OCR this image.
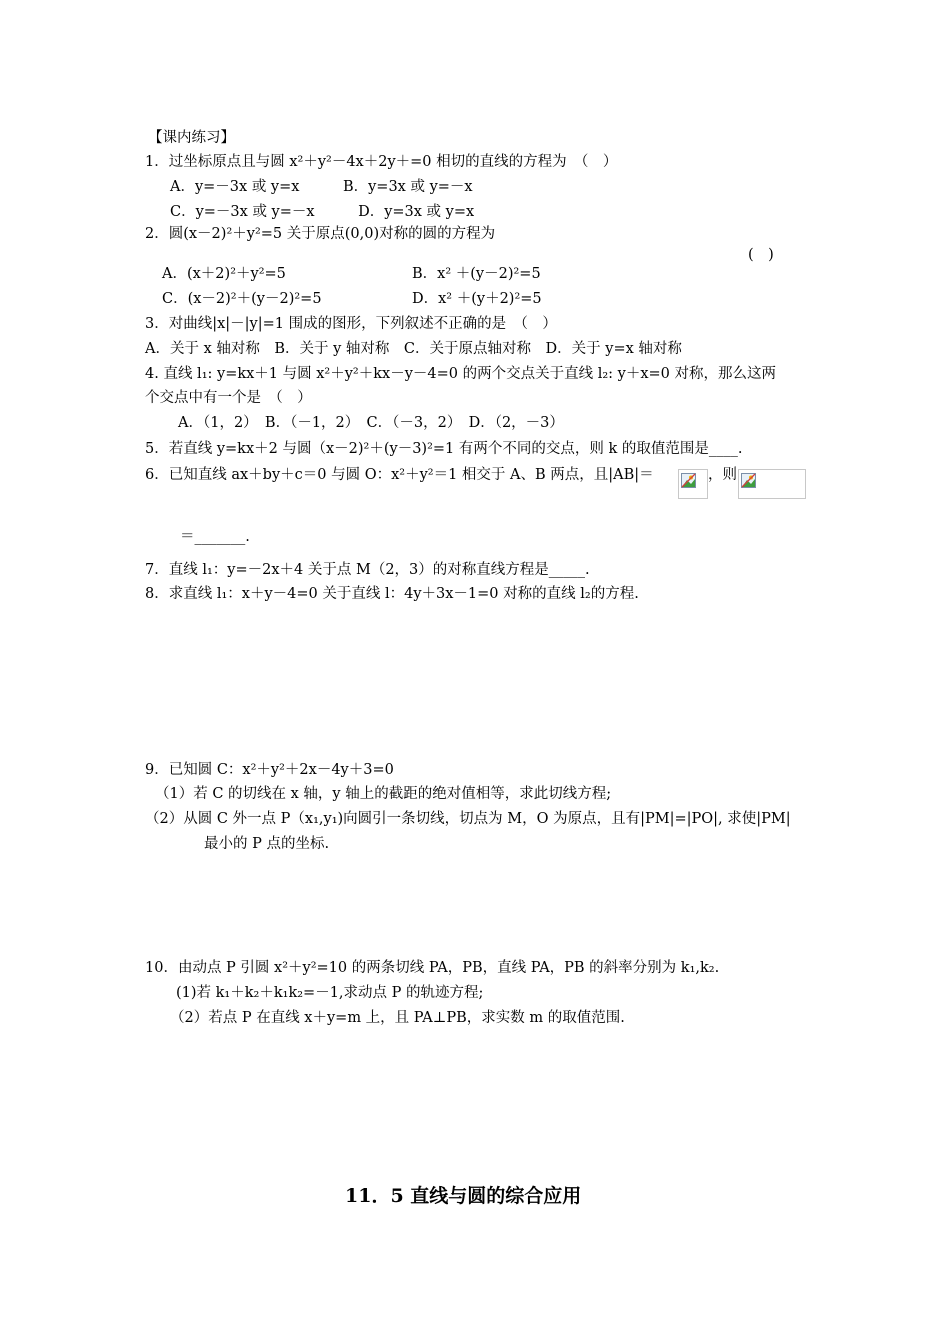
【课内练习】
1．过坐标原点且与圆 x²＋y²－4x＋2y＋=0 相切的直线的方程为　（　）
A．y=－3x 或 y=x　　　B．y=3x 或 y=－x
C．y=－3x 或 y=－x　　　D．y=3x 或 y=x
2．圆(x－2)²＋y²=5 关于原点(0,0)对称的圆的方程为
(　)
A．(x＋2)²＋y²=5	B．x² ＋(y－2)²=5
C．(x－2)²＋(y－2)²=5	D．x² ＋(y＋2)²=5
3．对曲线|x|－|y|=1 围成的图形，下列叙述不正确的是　（　）
A．关于 x 轴对称　B．关于 y 轴对称　C．关于原点轴对称　D．关于 y=x 轴对称
4. 直线 l₁: y=kx＋1 与圆 x²＋y²＋kx－y－4=0 的两个交点关于直线 l₂: y＋x=0 对称，那么这两
个交点中有一个是　（　）
A．（1，2）　B．（－1，2）　C．（－3，2）　D．（2，－3）
5．若直线 y=kx＋2 与圆（x－2)²＋(y－3)²=1 有两个不同的交点，则 k 的取值范围是____.
6．已知直线 ax＋by＋c＝0 与圆 O：x²＋y²＝1 相交于 A、B 两点，且|AB|＝	，则
＝_______.
7．直线 l₁：y=－2x＋4 关于点 M（2，3）的对称直线方程是_____.
8．求直线 l₁：x＋y－4=0 关于直线 l：4y＋3x－1=0 对称的直线 l₂的方程.
9．已知圆 C：x²＋y²＋2x－4y＋3=0
（1）若 C 的切线在 x 轴，y 轴上的截距的绝对值相等，求此切线方程;
（2）从圆 C 外一点 P（x₁,y₁)向圆引一条切线，切点为 M，O 为原点，且有|PM|=|PO|, 求使|PM|
最小的 P 点的坐标.
10．由动点 P 引圆 x²＋y²=10 的两条切线 PA，PB，直线 PA，PB 的斜率分别为 k₁,k₂.
(1)若 k₁＋k₂＋k₁k₂=－1,求动点 P 的轨迹方程;
（2）若点 P 在直线 x＋y=m 上，且 PA⊥PB，求实数 m 的取值范围.
11．5 直线与圆的综合应用
